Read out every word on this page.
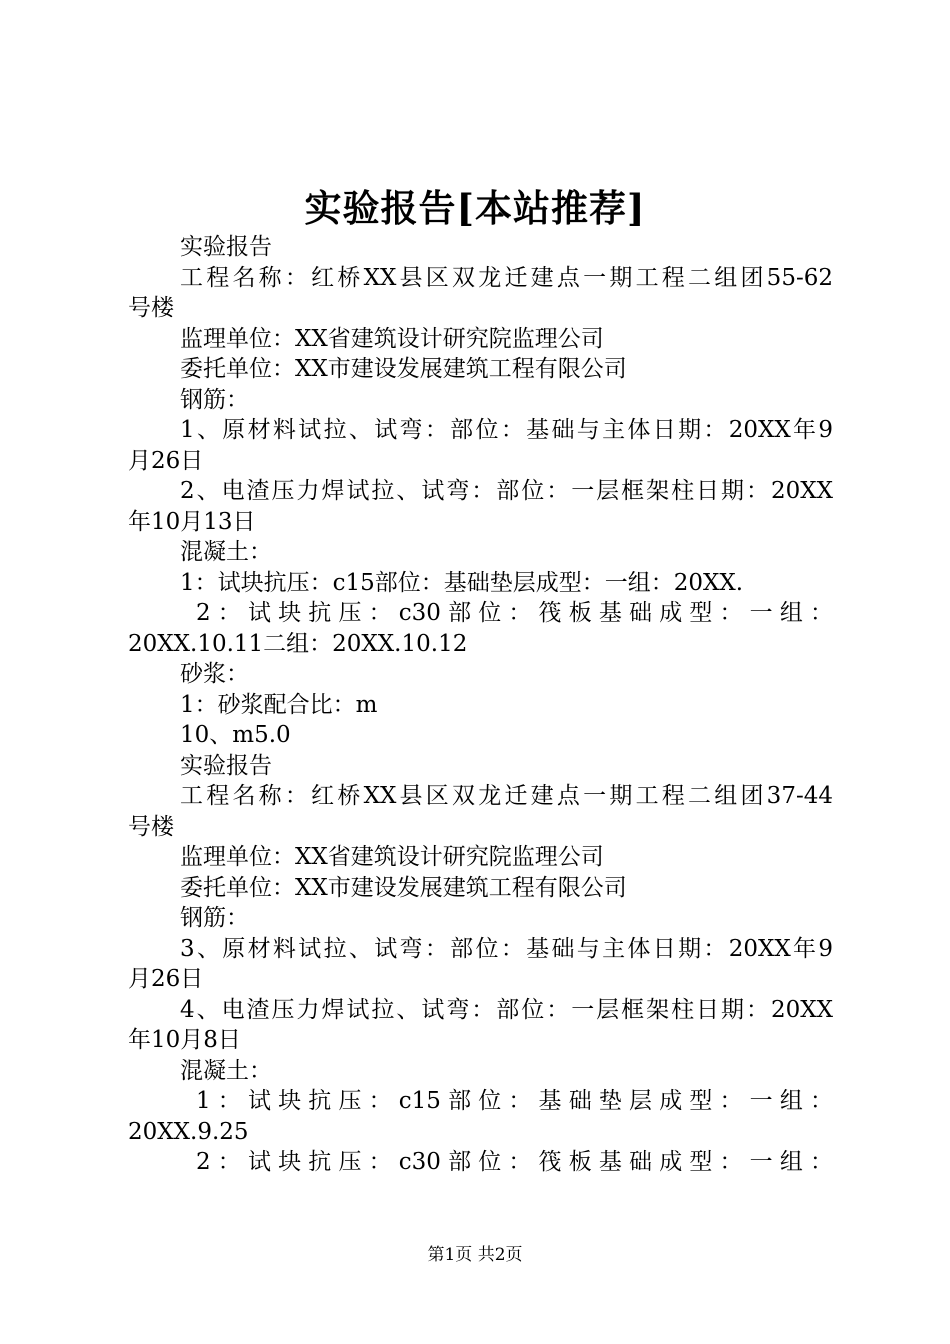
实验报告[本站推荐]
实验报告
工程名称：红桥XX县区双龙迁建点一期工程二组团55-62
号楼
监理单位：XX省建筑设计研究院监理公司
委托单位：XX市建设发展建筑工程有限公司
钢筋：
1、原材料试拉、试弯：部位：基础与主体日期：20XX年9
月26日
2、电渣压力焊试拉、试弯：部位：一层框架柱日期：20XX
年10月13日
混凝土：
1：试块抗压：c15部位：基础垫层成型：一组：20XX.
2：试块抗压：c30部位：筏板基础成型：一组：
20XX.10.11二组：20XX.10.12
砂浆：
1：砂浆配合比：m
10、m5.0
实验报告
工程名称：红桥XX县区双龙迁建点一期工程二组团37-44
号楼
监理单位：XX省建筑设计研究院监理公司
委托单位：XX市建设发展建筑工程有限公司
钢筋：
3、原材料试拉、试弯：部位：基础与主体日期：20XX年9
月26日
4、电渣压力焊试拉、试弯：部位：一层框架柱日期：20XX
年10月8日
混凝土：
1：试块抗压：c15部位：基础垫层成型：一组：
20XX.9.25
2：试块抗压：c30部位：筏板基础成型：一组：
第1页 共2页
